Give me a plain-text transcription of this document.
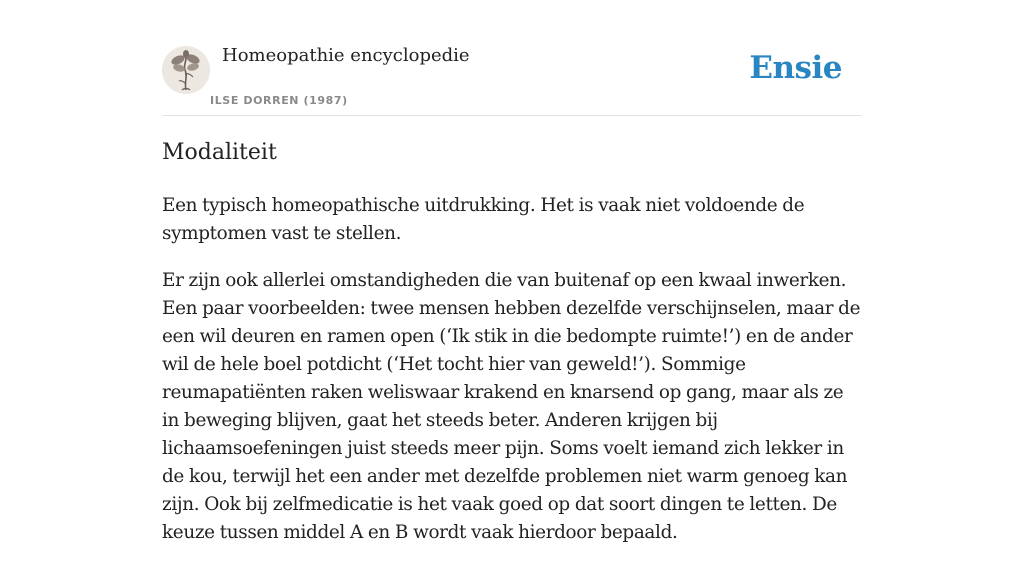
Homeopathie encyclopedie
ILSE DORREN (1987)
Ensie
Modaliteit

Een typisch homeopathische uitdrukking. Het is vaak niet voldoende de symptomen vast te stellen.

Er zijn ook allerlei omstandigheden die van buitenaf op een kwaal inwerken. Een paar voorbeelden: twee mensen hebben dezelfde verschijnselen, maar de een wil deuren en ramen open (‘Ik stik in die bedompte ruimte!’) en de ander wil de hele boel potdicht (‘Het tocht hier van geweld!’). Sommige reumapatiënten raken weliswaar krakend en knarsend op gang, maar als ze in beweging blijven, gaat het steeds beter. Anderen krijgen bij lichaamsoefeningen juist steeds meer pijn. Soms voelt iemand zich lekker in de kou, terwijl het een ander met dezelfde problemen niet warm genoeg kan zijn. Ook bij zelfmedicatie is het vaak goed op dat soort dingen te letten. De keuze tussen middel A en B wordt vaak hierdoor bepaald.
